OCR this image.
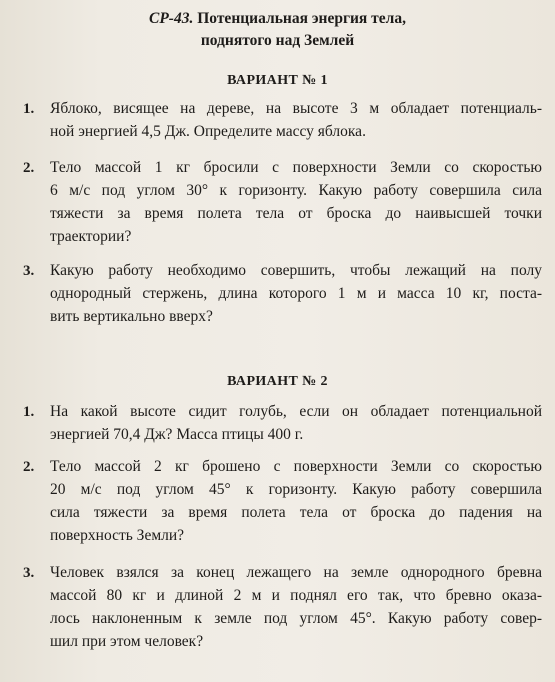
СР-43. Потенциальная энергия тела,
поднятого над Землей
ВАРИАНТ № 1
1. Яблоко, висящее на дереве, на высоте 3 м обладает потенциаль-
ной энергией 4,5 Дж. Определите массу яблока.
2. Тело массой 1 кг бросили с поверхности Земли со скоростью
6 м/с под углом 30° к горизонту. Какую работу совершила сила
тяжести за время полета тела от броска до наивысшей точки
траектории?
3. Какую работу необходимо совершить, чтобы лежащий на полу
однородный стержень, длина которого 1 м и масса 10 кг, поста-
вить вертикально вверх?
ВАРИАНТ № 2
1. На какой высоте сидит голубь, если он обладает потенциальной
энергией 70,4 Дж? Масса птицы 400 г.
2. Тело массой 2 кг брошено с поверхности Земли со скоростью
20 м/с под углом 45° к горизонту. Какую работу совершила
сила тяжести за время полета тела от броска до падения на
поверхность Земли?
3. Человек взялся за конец лежащего на земле однородного бревна
массой 80 кг и длиной 2 м и поднял его так, что бревно оказа-
лось наклоненным к земле под углом 45°. Какую работу совер-
шил при этом человек?
